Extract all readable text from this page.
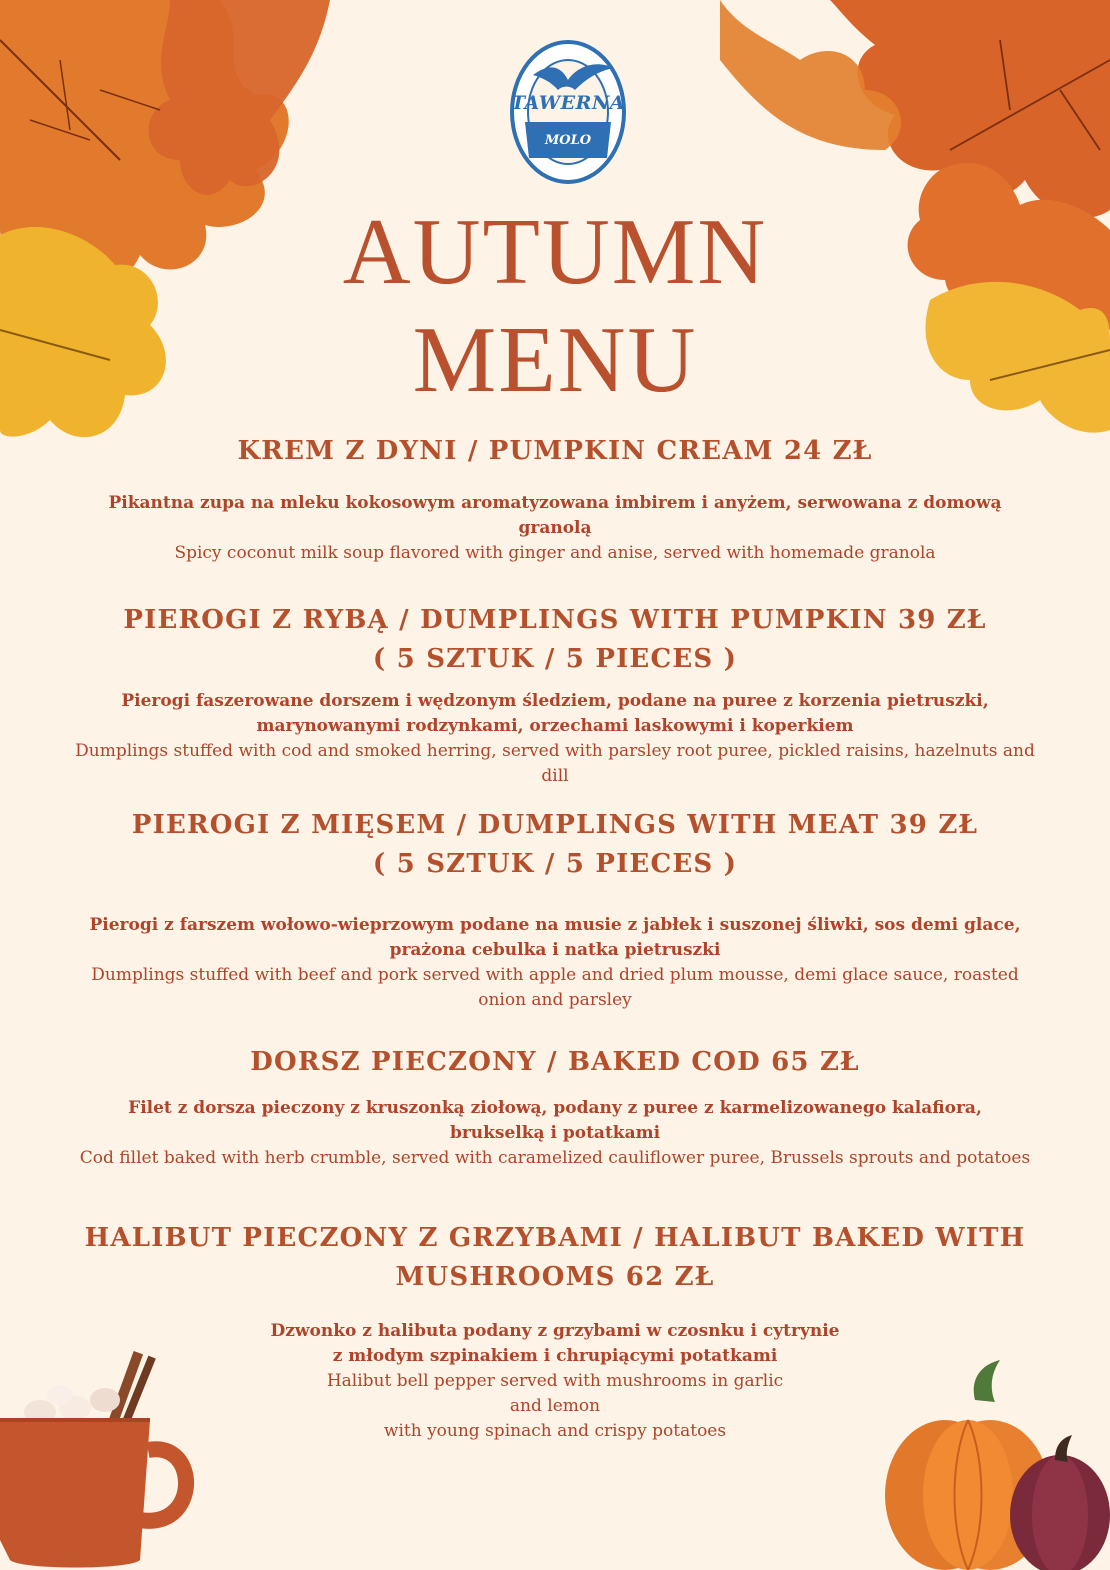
TAWERNA
MOLO
AUTUMN
MENU

KREM Z DYNI / PUMPKIN CREAM 24 ZŁ

Pikantna zupa na mleku kokosowym aromatyzowana imbirem i anyżem, serwowana z domową granolą

Spicy coconut milk soup flavored with ginger and anise, served with homemade granola

PIEROGI Z RYBĄ / DUMPLINGS WITH PUMPKIN 39 ZŁ

( 5 SZTUK / 5 PIECES )

Pierogi faszerowane dorszem i wędzonym śledziem, podane na puree z korzenia pietruszki, marynowanymi rodzynkami, orzechami laskowymi i koperkiem

Dumplings stuffed with cod and smoked herring, served with parsley root puree, pickled raisins, hazelnuts and dill

PIEROGI Z MIĘSEM / DUMPLINGS WITH MEAT 39 ZŁ

( 5 SZTUK / 5 PIECES )

Pierogi z farszem wołowo-wieprzowym podane na musie z jabłek i suszonej śliwki, sos demi glace, prażona cebulka i natka pietruszki

Dumplings stuffed with beef and pork served with apple and dried plum mousse, demi glace sauce, roasted onion and parsley

DORSZ PIECZONY / BAKED COD 65 ZŁ

Filet z dorsza pieczony z kruszonką ziołową, podany z puree z karmelizowanego kalafiora, brukselką i potatkami

Cod fillet baked with herb crumble, served with caramelized cauliflower puree, Brussels sprouts and potatoes

HALIBUT PIECZONY Z GRZYBAMI / HALIBUT BAKED WITH MUSHROOMS 62 ZŁ

Dzwonko z halibuta podany z grzybami w czosnku i cytrynie

z młodym szpinakiem i chrupiącymi potatkami

Halibut bell pepper served with mushrooms in garlic

and lemon

with young spinach and crispy potatoes
